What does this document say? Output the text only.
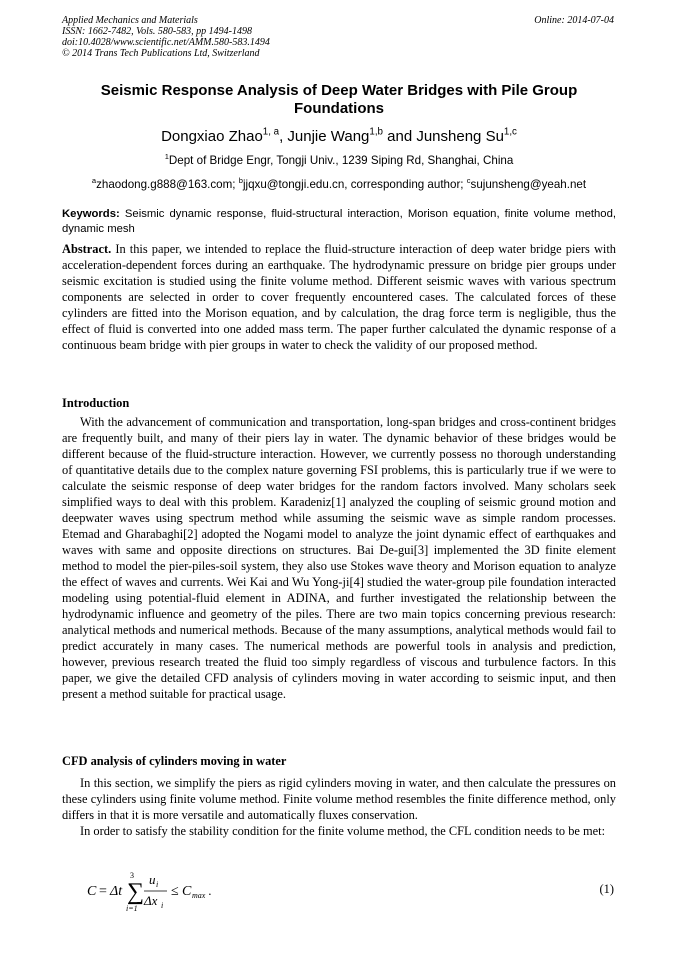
Applied Mechanics and Materials
ISSN: 1662-7482, Vols. 580-583, pp 1494-1498
doi:10.4028/www.scientific.net/AMM.580-583.1494
© 2014 Trans Tech Publications Ltd, Switzerland
Online: 2014-07-04
Seismic Response Analysis of Deep Water Bridges with Pile Group Foundations
Dongxiao Zhao$^{1, a}$, Junjie Wang$^{1,b}$ and Junsheng Su$^{1,c}$
$^1$Dept of Bridge Engr, Tongji Univ., 1239 Siping Rd, Shanghai, China
$^a$zhaodong.g888@163.com; $^b$jjqxu@tongji.edu.cn, corresponding author; $^c$sujunsheng@yeah.net
Keywords: Seismic dynamic response, fluid-structural interaction, Morison equation, finite volume method, dynamic mesh
Abstract. In this paper, we intended to replace the fluid-structure interaction of deep water bridge piers with acceleration-dependent forces during an earthquake. The hydrodynamic pressure on bridge pier groups under seismic excitation is studied using the finite volume method. Different seismic waves with various spectrum components are selected in order to cover frequently encountered cases. The calculated forces of these cylinders are fitted into the Morison equation, and by calculation, the drag force term is negligible, thus the effect of fluid is converted into one added mass term. The paper further calculated the dynamic response of a continuous beam bridge with pier groups in water to check the validity of our proposed method.
Introduction

With the advancement of communication and transportation, long-span bridges and cross-continent bridges are frequently built, and many of their piers lay in water. The dynamic behavior of these bridges would be different because of the fluid-structure interaction. However, we currently possess no thorough understanding of quantitative details due to the complex nature governing FSI problems, this is particularly true if we were to calculate the seismic response of deep water bridges for the random factors involved. Many scholars seek simplified ways to deal with this problem. Karadeniz[1] analyzed the coupling of seismic ground motion and deepwater waves using spectrum method while assuming the seismic wave as simple random processes. Etemad and Gharabaghi[2] adopted the Nogami model to analyze the joint dynamic effect of earthquakes and waves with same and opposite directions on structures. Bai De-gui[3] implemented the 3D finite element method to model the pier-piles-soil system, they also use Stokes wave theory and Morison equation to analyze the effect of waves and currents. Wei Kai and Wu Yong-ji[4] studied the water-group pile foundation interacted modeling using potential-fluid element in ADINA, and further investigated the relationship between the hydrodynamic influence and geometry of the piles. There are two main topics concerning previous research: analytical methods and numerical methods. Because of the many assumptions, analytical methods would fail to predict accurately in many cases. The numerical methods are powerful tools in analysis and prediction, however, previous research treated the fluid too simply regardless of viscous and turbulence factors. In this paper, we give the detailed CFD analysis of cylinders moving in water according to seismic input, and then present a method suitable for practical usage.

CFD analysis of cylinders moving in water

In this section, we simplify the piers as rigid cylinders moving in water, and then calculate the pressures on these cylinders using finite volume method. Finite volume method resembles the finite difference method, only differs in that it is more versatile and automatically fluxes conservation.

In order to satisfy the stability condition for the finite volume method, the CFL condition needs to be met:

C = Δt
3
∑
i=1
u i
Δx i
≤ C max .	(1)
